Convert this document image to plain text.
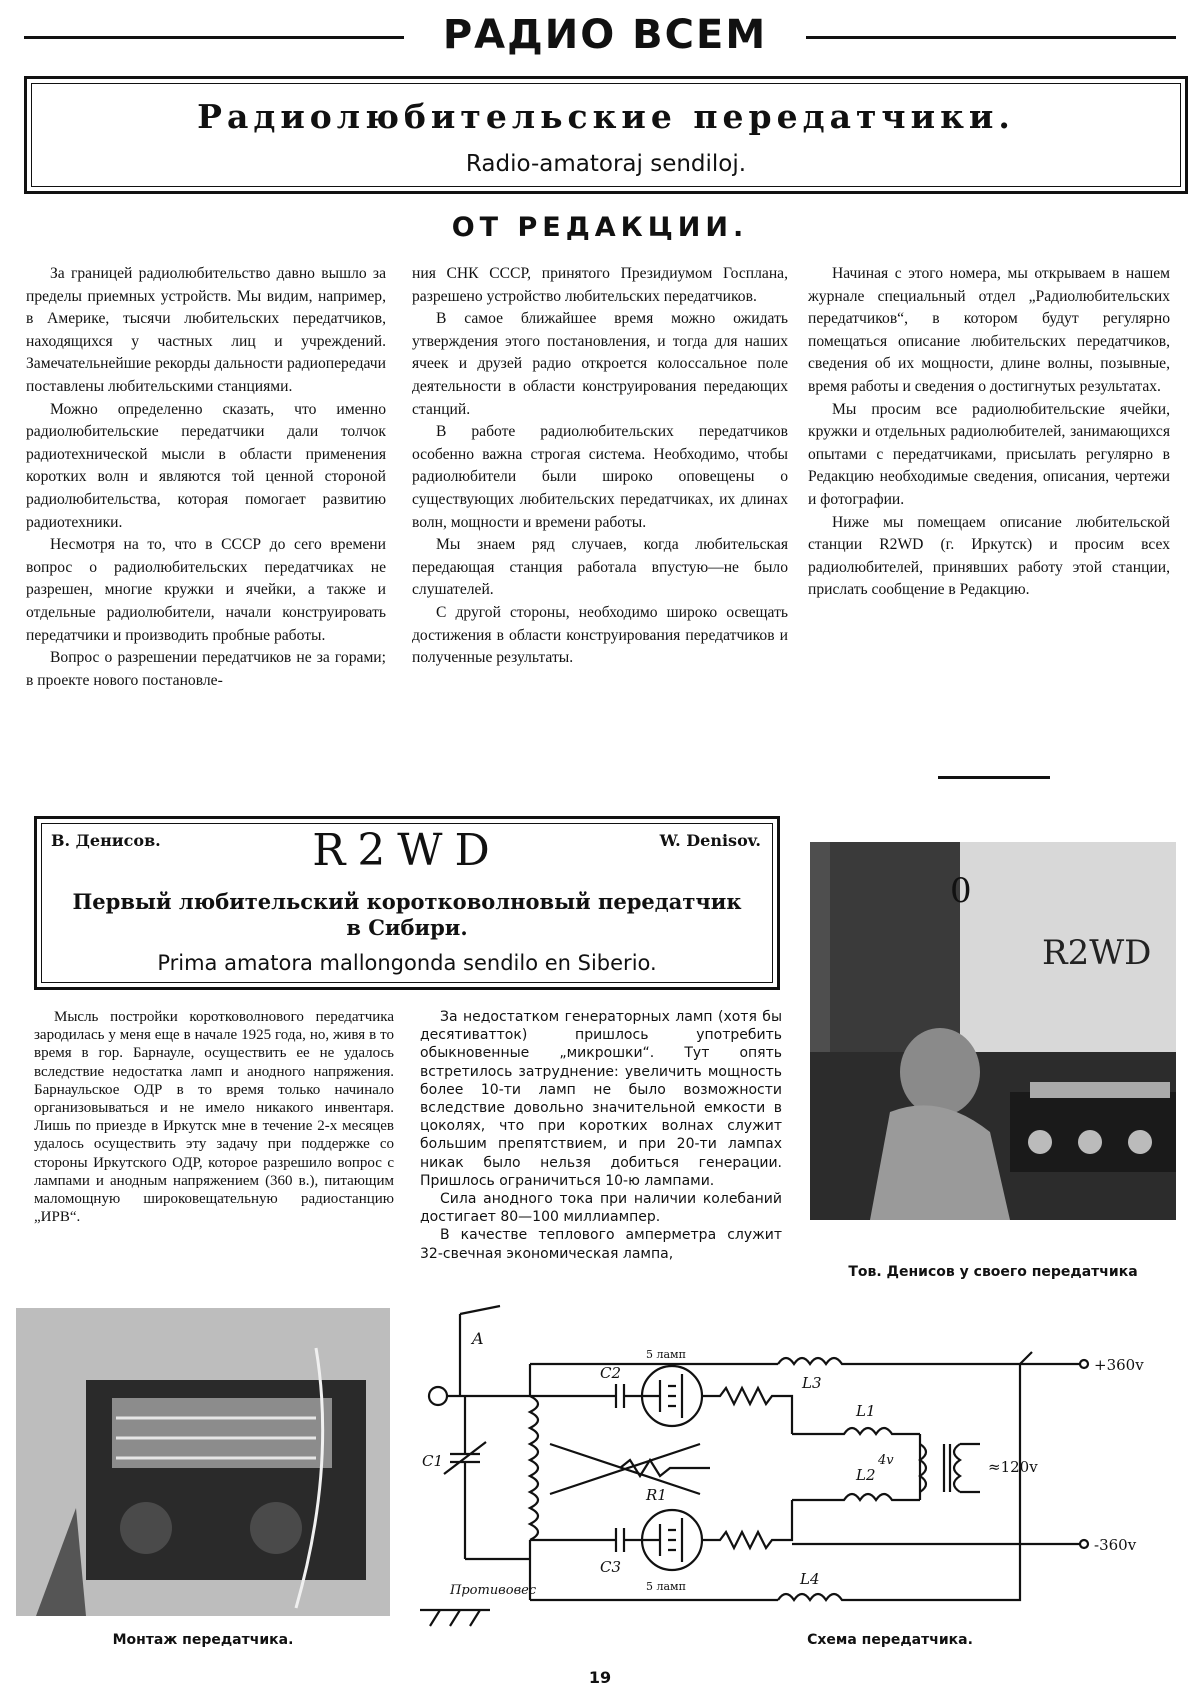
РАДИО ВСЕМ
Радиолюбительские передатчики.
Radio-amatoraj sendiloj.
ОТ РЕДАКЦИИ.

За границей радиолюбительство давно вышло за пределы приемных устройств. Мы видим, например, в Америке, тысячи любительских передатчиков, находящихся у частных лиц и учреждений. Замечательнейшие рекорды дальности радиопередачи поставлены любительскими станциями.

Можно определенно сказать, что именно радиолюбительские передатчики дали толчок радиотехнической мысли в области применения коротких волн и являются той ценной стороной радиолюбительства, которая помогает развитию радиотехники.

Несмотря на то, что в СССР до сего времени вопрос о радиолюбительских передатчиках не разрешен, многие кружки и ячейки, а также и отдельные радиолюбители, начали конструировать передатчики и производить пробные работы.

Вопрос о разрешении передатчиков не за горами; в проекте нового постановле-

ния СНК СССР, принятого Президиумом Госплана, разрешено устройство любительских передатчиков.

В самое ближайшее время можно ожидать утверждения этого постановления, и тогда для наших ячеек и друзей радио откроется колоссальное поле деятельности в области конструирования передающих станций.

В работе радиолюбительских передатчиков особенно важна строгая система. Необходимо, чтобы радиолюбители были широко оповещены о существующих любительских передатчиках, их длинах волн, мощности и времени работы.

Мы знаем ряд случаев, когда любительская передающая станция работала впустую—не было слушателей.

С другой стороны, необходимо широко освещать достижения в области конструирования передатчиков и полученные результаты.

Начиная с этого номера, мы открываем в нашем журнале специальный отдел „Радиолюбительских передатчиков“, в котором будут регулярно помещаться описание любительских передатчиков, сведения об их мощности, длине волны, позывные, время работы и сведения о достигнутых результатах.

Мы просим все радиолюбительские ячейки, кружки и отдельных радиолюбителей, занимающихся опытами с передатчиками, присылать регулярно в Редакцию необходимые сведения, описания, чертежи и фотографии.

Ниже мы помещаем описание любительской станции R2WD (г. Иркутск) и просим всех радиолюбителей, принявших работу этой станции, прислать сообщение в Редакцию.

В. Денисов.	R2WD	W. Denisov.
Первый любительский коротковолновый передатчик
в Сибири.
Prima amatora mallongonda sendilo en Siberio.

Мысль постройки коротковолнового передатчика зародилась у меня еще в начале 1925 года, но, живя в то время в гор. Барнауле, осуществить ее не удалось вследствие недостатка ламп и анодного напряжения. Барнаульское ОДР в то время только начинало организовываться и не имело никакого инвентаря. Лишь по приезде в Иркутск мне в течение 2-х месяцев удалось осуществить эту задачу при поддержке со стороны Иркутского ОДР, которое разрешило вопрос с лампами и анодным напряжением (360 в.), питающим маломощную широковещательную радиостанцию „ИРВ“.

За недостатком генераторных ламп (хотя бы десятиватток) пришлось употребить обыкновенные „микрошки“. Тут опять встретилось затруднение: увеличить мощность более 10-ти ламп не было возможности вследствие довольно значительной емкости в цоколях, что при коротких волнах служит большим препятствием, и при 20-ти лампах никак было нельзя добиться генерации. Пришлось ограничиться 10-ю лампами.

Сила анодного тока при наличии колебаний достигает 80—100 миллиампер.

В качестве теплового амперметра служит 32-свечная экономическая лампа,

R2WD
0
Тов. Денисов у своего передатчика
Монтаж передатчика.
A
C1
C2
C3
5 ламп
5 ламп
R1
L3
+360v
L1
L2
4v	≈120v
-360v
L4
Противовес
Схема передатчика.
19
